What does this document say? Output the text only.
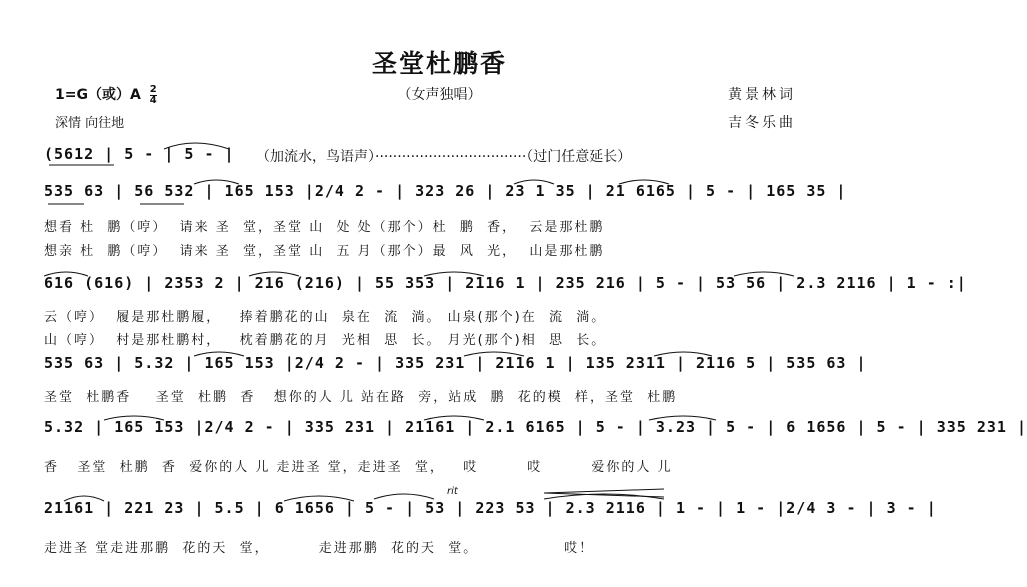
圣堂杜鹏香
（女声独唱）
1=G（或）$A \frac{2}{4}$
深情 向往地
黄景林词
吉冬乐曲
(5612 | 5 - | 5 - | （加流水，鸟语声）··································（过门任意延长）
535 63 | 56 532 | 165 153 |2/4 2 - | 323 26 | 23 1 35 | 21 6165 | 5 - | 165 35 |
想看 杜  鹏（哼）  请来 圣  堂，圣堂 山  处 处（那个）杜  鹏  香，  云是那杜鹏
想亲 杜  鹏（哼）  请来 圣  堂，圣堂 山  五 月（那个）最  风  光，  山是那杜鹏
616 (616) | 2353 2 | 216 (216) | 55 353 | 2116 1 | 235 216 | 5 - | 53 56 | 2.3 2116 | 1 - :|
云（哼）  履是那杜鹏履，   捧着鹏花的山  泉在  流  淌。 山泉(那个)在  流  淌。
山（哼）  村是那杜鹏村，   枕着鹏花的月  光相  思  长。 月光(那个)相  思  长。
535 63 | 5.32 | 165 153 |2/4 2 - | 335 231 | 2116 1 | 135 2311 | 2116 5 | 535 63 |
圣堂  杜鹏香    圣堂  杜鹏  香   想你的人 儿 站在路  旁，站成  鹏  花的模  样，圣堂  杜鹏
5.32 | 165 153 |2/4 2 - | 335 231 | 21161 | 2.1 6165 | 5 - | 3.23 | 5 - | 6 1656 | 5 - | 335 231 |
香   圣堂  杜鹏  香  爱你的人 儿 走进圣 堂，走进圣  堂，   哎        哎        爱你的人 儿
rit
21161 | 221 23 | 5.5 | 6 1656 | 5 - | 53 | 223 53 | 2.3 2116 | 1 - | 1 - |2/4 3 - | 3 - |
走进圣 堂走进那鹏  花的天  堂，        走进那鹏  花的天  堂。              哎！
